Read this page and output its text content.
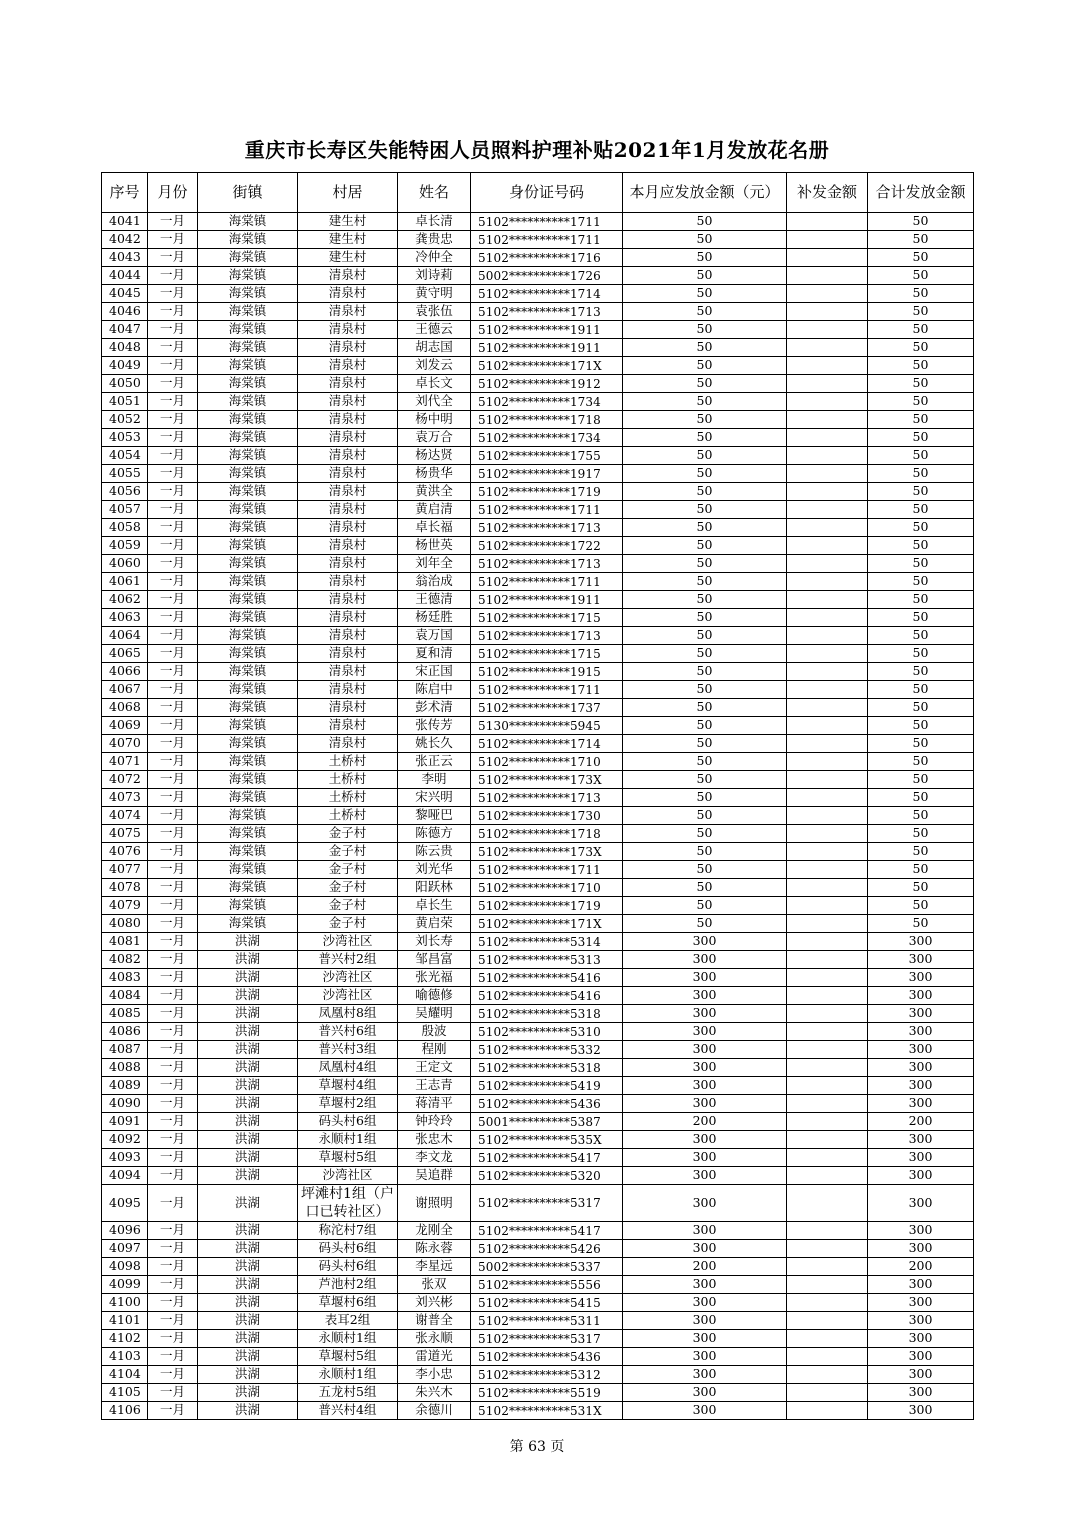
重庆市长寿区失能特困人员照料护理补贴2021年1月发放花名册
序号	月份	街镇	村居	姓名	身份证号码	本月应发放金额（元）	补发金额	合计发放金额
4041	一月	海棠镇	建生村	卓长清	5102**********1711	50		50
4042	一月	海棠镇	建生村	龚贵忠	5102**********1711	50		50
4043	一月	海棠镇	建生村	冷仲全	5102**********1716	50		50
4044	一月	海棠镇	清泉村	刘诗莉	5002**********1726	50		50
4045	一月	海棠镇	清泉村	黄守明	5102**********1714	50		50
4046	一月	海棠镇	清泉村	袁张伍	5102**********1713	50		50
4047	一月	海棠镇	清泉村	王德云	5102**********1911	50		50
4048	一月	海棠镇	清泉村	胡志国	5102**********1911	50		50
4049	一月	海棠镇	清泉村	刘发云	5102**********171X	50		50
4050	一月	海棠镇	清泉村	卓长文	5102**********1912	50		50
4051	一月	海棠镇	清泉村	刘代全	5102**********1734	50		50
4052	一月	海棠镇	清泉村	杨中明	5102**********1718	50		50
4053	一月	海棠镇	清泉村	袁万合	5102**********1734	50		50
4054	一月	海棠镇	清泉村	杨达贤	5102**********1755	50		50
4055	一月	海棠镇	清泉村	杨贵华	5102**********1917	50		50
4056	一月	海棠镇	清泉村	黄洪全	5102**********1719	50		50
4057	一月	海棠镇	清泉村	黄启清	5102**********1711	50		50
4058	一月	海棠镇	清泉村	卓长福	5102**********1713	50		50
4059	一月	海棠镇	清泉村	杨世英	5102**********1722	50		50
4060	一月	海棠镇	清泉村	刘年全	5102**********1713	50		50
4061	一月	海棠镇	清泉村	翁治成	5102**********1711	50		50
4062	一月	海棠镇	清泉村	王德清	5102**********1911	50		50
4063	一月	海棠镇	清泉村	杨廷胜	5102**********1715	50		50
4064	一月	海棠镇	清泉村	袁万国	5102**********1713	50		50
4065	一月	海棠镇	清泉村	夏和清	5102**********1715	50		50
4066	一月	海棠镇	清泉村	宋正国	5102**********1915	50		50
4067	一月	海棠镇	清泉村	陈启中	5102**********1711	50		50
4068	一月	海棠镇	清泉村	彭术清	5102**********1737	50		50
4069	一月	海棠镇	清泉村	张传芳	5130**********5945	50		50
4070	一月	海棠镇	清泉村	姚长久	5102**********1714	50		50
4071	一月	海棠镇	土桥村	张正云	5102**********1710	50		50
4072	一月	海棠镇	土桥村	李明	5102**********173X	50		50
4073	一月	海棠镇	土桥村	宋兴明	5102**********1713	50		50
4074	一月	海棠镇	土桥村	黎哑巴	5102**********1730	50		50
4075	一月	海棠镇	金子村	陈德方	5102**********1718	50		50
4076	一月	海棠镇	金子村	陈云贵	5102**********173X	50		50
4077	一月	海棠镇	金子村	刘光华	5102**********1711	50		50
4078	一月	海棠镇	金子村	阳跃林	5102**********1710	50		50
4079	一月	海棠镇	金子村	卓长生	5102**********1719	50		50
4080	一月	海棠镇	金子村	黄启荣	5102**********171X	50		50
4081	一月	洪湖	沙湾社区	刘长寿	5102**********5314	300		300
4082	一月	洪湖	普兴村2组	邹昌富	5102**********5313	300		300
4083	一月	洪湖	沙湾社区	张光福	5102**********5416	300		300
4084	一月	洪湖	沙湾社区	喻德修	5102**********5416	300		300
4085	一月	洪湖	凤凰村8组	吴耀明	5102**********5318	300		300
4086	一月	洪湖	普兴村6组	殷波	5102**********5310	300		300
4087	一月	洪湖	普兴村3组	程刚	5102**********5332	300		300
4088	一月	洪湖	凤凰村4组	王定文	5102**********5318	300		300
4089	一月	洪湖	草堰村4组	王志青	5102**********5419	300		300
4090	一月	洪湖	草堰村2组	蒋清平	5102**********5436	300		300
4091	一月	洪湖	码头村6组	钟玲玲	5001**********5387	200		200
4092	一月	洪湖	永顺村1组	张忠木	5102**********535X	300		300
4093	一月	洪湖	草堰村5组	李文龙	5102**********5417	300		300
4094	一月	洪湖	沙湾社区	吴追群	5102**********5320	300		300
4095	一月	洪湖	坪滩村1组（户口已转社区）	谢照明	5102**********5317	300		300
4096	一月	洪湖	称沱村7组	龙刚全	5102**********5417	300		300
4097	一月	洪湖	码头村6组	陈永蓉	5102**********5426	300		300
4098	一月	洪湖	码头村6组	李星远	5002**********5337	200		200
4099	一月	洪湖	芦池村2组	张双	5102**********5556	300		300
4100	一月	洪湖	草堰村6组	刘兴彬	5102**********5415	300		300
4101	一月	洪湖	表耳2组	谢普全	5102**********5311	300		300
4102	一月	洪湖	永顺村1组	张永顺	5102**********5317	300		300
4103	一月	洪湖	草堰村5组	雷道光	5102**********5436	300		300
4104	一月	洪湖	永顺村1组	李小忠	5102**********5312	300		300
4105	一月	洪湖	五龙村5组	朱兴木	5102**********5519	300		300
4106	一月	洪湖	普兴村4组	余德川	5102**********531X	300		300
第 63 页
